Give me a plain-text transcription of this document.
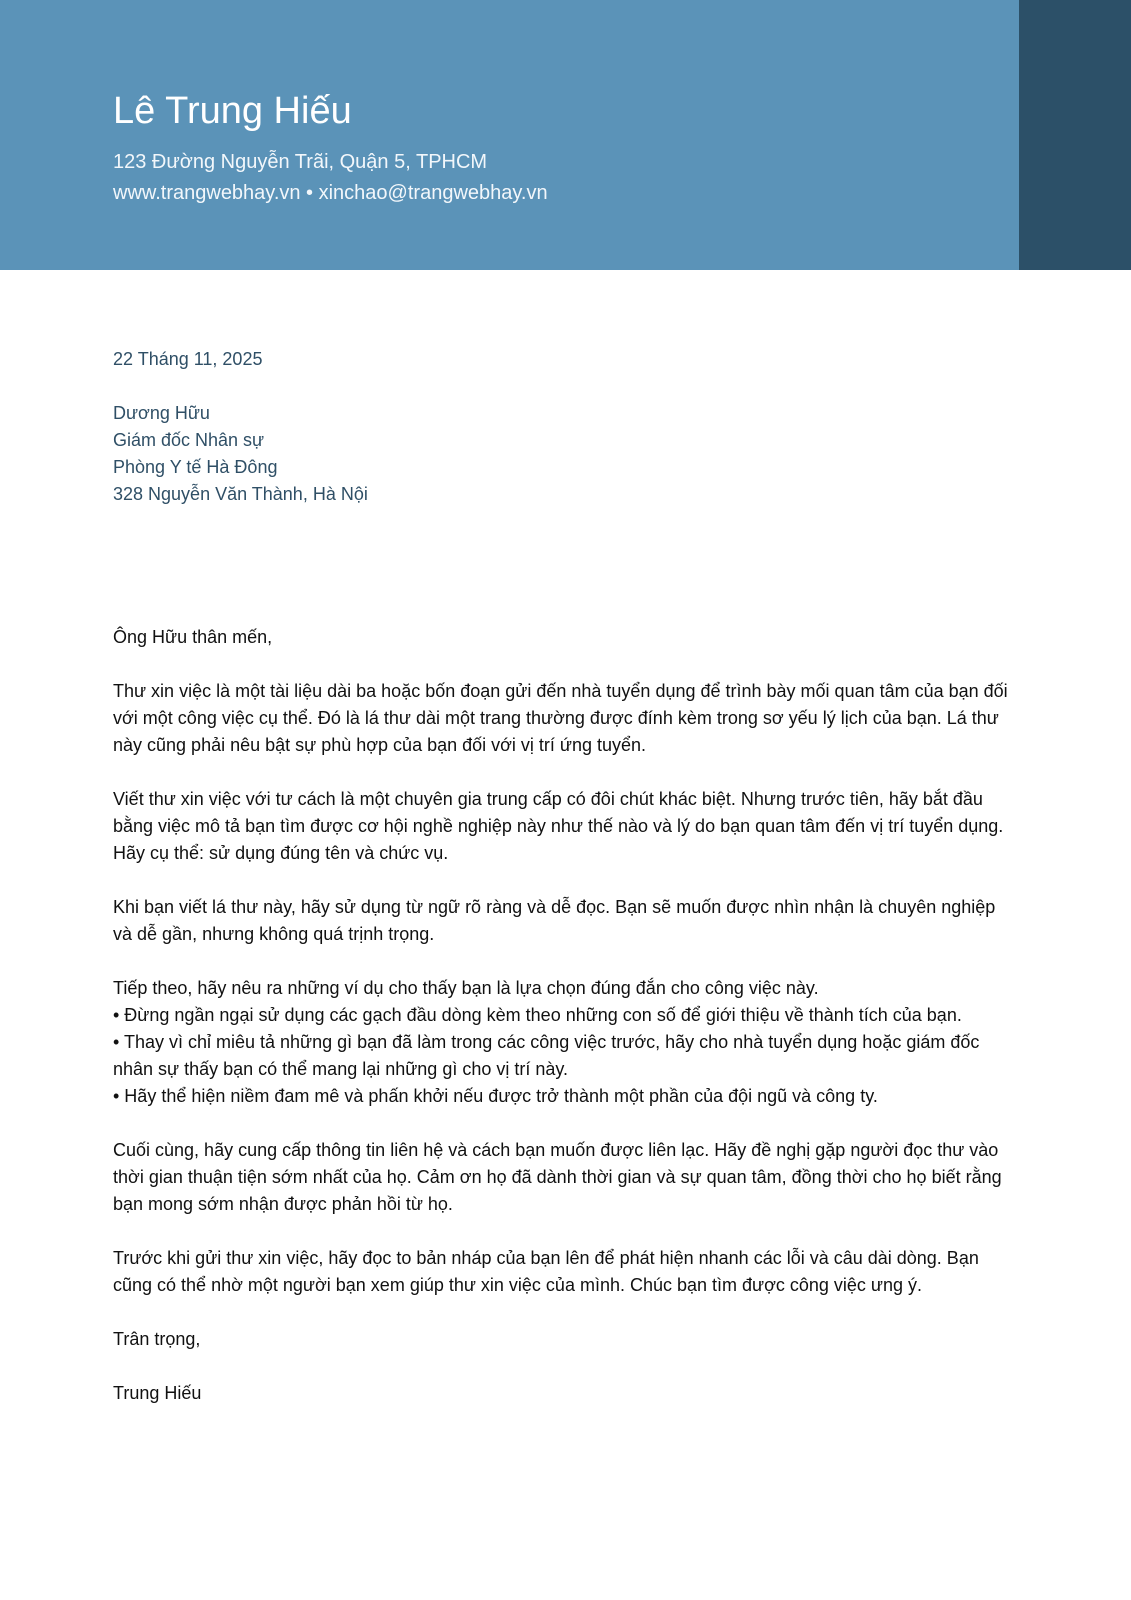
Lê Trung Hiếu
123 Đường Nguyễn Trãi, Quận 5, TPHCM
www.trangwebhay.vn • xinchao@trangwebhay.vn
22 Tháng 11, 2025
Dương Hữu
Giám đốc Nhân sự
Phòng Y tế Hà Đông
328 Nguyễn Văn Thành, Hà Nội

Ông Hữu thân mến,

Thư xin việc là một tài liệu dài ba hoặc bốn đoạn gửi đến nhà tuyển dụng để trình bày mối quan tâm của bạn đối với một công việc cụ thể. Đó là lá thư dài một trang thường được đính kèm trong sơ yếu lý lịch của bạn. Lá thư này cũng phải nêu bật sự phù hợp của bạn đối với vị trí ứng tuyển.

Viết thư xin việc với tư cách là một chuyên gia trung cấp có đôi chút khác biệt. Nhưng trước tiên, hãy bắt đầu bằng việc mô tả bạn tìm được cơ hội nghề nghiệp này như thế nào và lý do bạn quan tâm đến vị trí tuyển dụng. Hãy cụ thể: sử dụng đúng tên và chức vụ.

Khi bạn viết lá thư này, hãy sử dụng từ ngữ rõ ràng và dễ đọc. Bạn sẽ muốn được nhìn nhận là chuyên nghiệp và dễ gần, nhưng không quá trịnh trọng.

Tiếp theo, hãy nêu ra những ví dụ cho thấy bạn là lựa chọn đúng đắn cho công việc này.
• Đừng ngần ngại sử dụng các gạch đầu dòng kèm theo những con số để giới thiệu về thành tích của bạn.
• Thay vì chỉ miêu tả những gì bạn đã làm trong các công việc trước, hãy cho nhà tuyển dụng hoặc giám đốc nhân sự thấy bạn có thể mang lại những gì cho vị trí này.
• Hãy thể hiện niềm đam mê và phấn khởi nếu được trở thành một phần của đội ngũ và công ty.

Cuối cùng, hãy cung cấp thông tin liên hệ và cách bạn muốn được liên lạc. Hãy đề nghị gặp người đọc thư vào thời gian thuận tiện sớm nhất của họ. Cảm ơn họ đã dành thời gian và sự quan tâm, đồng thời cho họ biết rằng bạn mong sớm nhận được phản hồi từ họ.

Trước khi gửi thư xin việc, hãy đọc to bản nháp của bạn lên để phát hiện nhanh các lỗi và câu dài dòng. Bạn cũng có thể nhờ một người bạn xem giúp thư xin việc của mình. Chúc bạn tìm được công việc ưng ý.

Trân trọng,

Trung Hiếu
